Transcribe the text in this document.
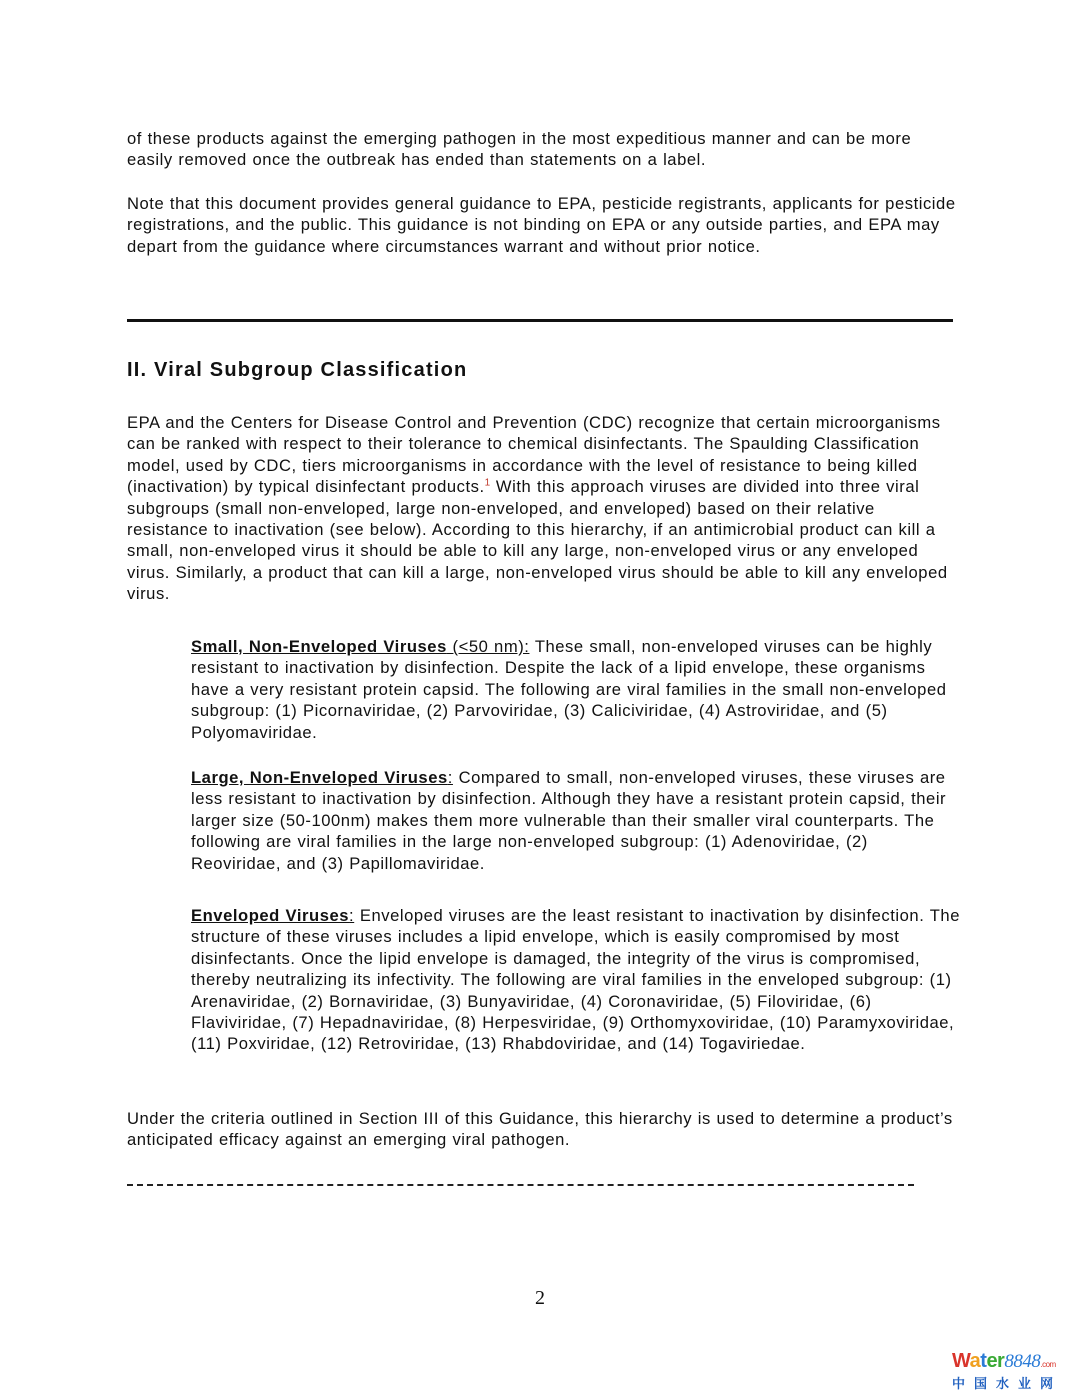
of these products against the emerging pathogen in the most expeditious manner and can be more easily removed once the outbreak has ended than statements on a label.

Note that this document provides general guidance to EPA, pesticide registrants, applicants for pesticide registrations, and the public. This guidance is not binding on EPA or any outside parties, and EPA may depart from the guidance where circumstances warrant and without prior notice.

II. Viral Subgroup Classification

EPA and the Centers for Disease Control and Prevention (CDC) recognize that certain microorganisms can be ranked with respect to their tolerance to chemical disinfectants. The Spaulding Classification model, used by CDC, tiers microorganisms in accordance with the level of resistance to being killed (inactivation) by typical disinfectant products.$^1$ With this approach viruses are divided into three viral subgroups (small non-enveloped, large non-enveloped, and enveloped) based on their relative resistance to inactivation (see below). According to this hierarchy, if an antimicrobial product can kill a small, non-enveloped virus it should be able to kill any large, non-enveloped virus or any enveloped virus. Similarly, a product that can kill a large, non-enveloped virus should be able to kill any enveloped virus.

Small, Non-Enveloped Viruses (<50 nm): These small, non-enveloped viruses can be highly resistant to inactivation by disinfection. Despite the lack of a lipid envelope, these organisms have a very resistant protein capsid. The following are viral families in the small non-enveloped subgroup: (1) Picornaviridae, (2) Parvoviridae, (3) Caliciviridae, (4) Astroviridae, and (5) Polyomaviridae.

Large, Non-Enveloped Viruses: Compared to small, non-enveloped viruses, these viruses are less resistant to inactivation by disinfection. Although they have a resistant protein capsid, their larger size (50-100nm) makes them more vulnerable than their smaller viral counterparts. The following are viral families in the large non-enveloped subgroup: (1) Adenoviridae, (2) Reoviridae, and (3) Papillomaviridae.

Enveloped Viruses: Enveloped viruses are the least resistant to inactivation by disinfection. The structure of these viruses includes a lipid envelope, which is easily compromised by most disinfectants. Once the lipid envelope is damaged, the integrity of the virus is compromised, thereby neutralizing its infectivity. The following are viral families in the enveloped subgroup: (1) Arenaviridae, (2) Bornaviridae, (3) Bunyaviridae, (4) Coronaviridae, (5) Filoviridae, (6) Flaviviridae, (7) Hepadnaviridae, (8) Herpesviridae, (9) Orthomyxoviridae, (10) Paramyxoviridae, (11) Poxviridae, (12) Retroviridae, (13) Rhabdoviridae, and (14) Togaviriedae.

Under the criteria outlined in Section III of this Guidance, this hierarchy is used to determine a product’s anticipated efficacy against an emerging viral pathogen.

2
Water8848.com
中国水业网
